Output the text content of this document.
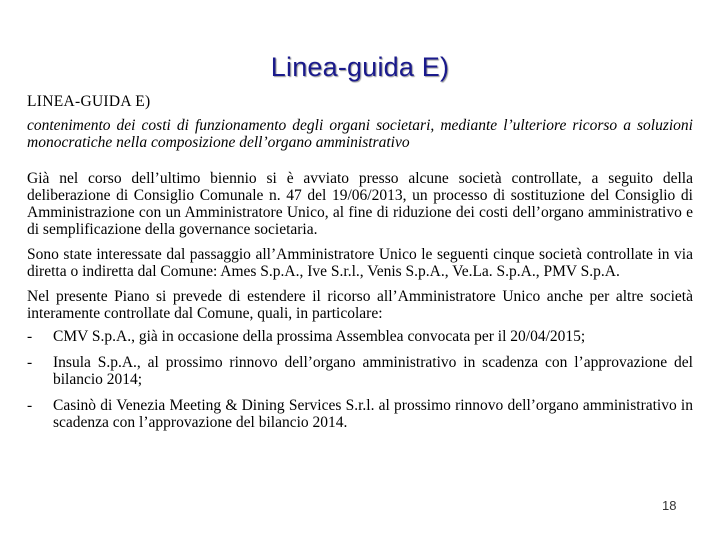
Linea-guida E)
LINEA-GUIDA E)

contenimento dei costi di funzionamento degli organi societari, mediante l’ulteriore ricorso a soluzioni monocratiche nella composizione dell’organo amministrativo

Già nel corso dell’ultimo biennio si è avviato presso alcune società controllate, a seguito della deliberazione di Consiglio Comunale n. 47 del 19/06/2013, un processo di sostituzione del Consiglio di Amministrazione con un Amministratore Unico, al fine di riduzione dei costi dell’organo amministrativo e di semplificazione della governance societaria.

Sono state interessate dal passaggio all’Amministratore Unico le seguenti cinque società controllate in via diretta o indiretta dal Comune: Ames S.p.A., Ive S.r.l., Venis S.p.A., Ve.La. S.p.A., PMV S.p.A.

Nel presente Piano si prevede di estendere il ricorso all’Amministratore Unico anche per altre società interamente controllate dal Comune, quali, in particolare:

- CMV S.p.A., già in occasione della prossima Assemblea convocata per il 20/04/2015;
- Insula S.p.A., al prossimo rinnovo dell’organo amministrativo in scadenza con l’approvazione del bilancio 2014;
- Casinò di Venezia Meeting & Dining Services S.r.l. al prossimo rinnovo dell’organo amministrativo in scadenza con l’approvazione del bilancio 2014.
18
